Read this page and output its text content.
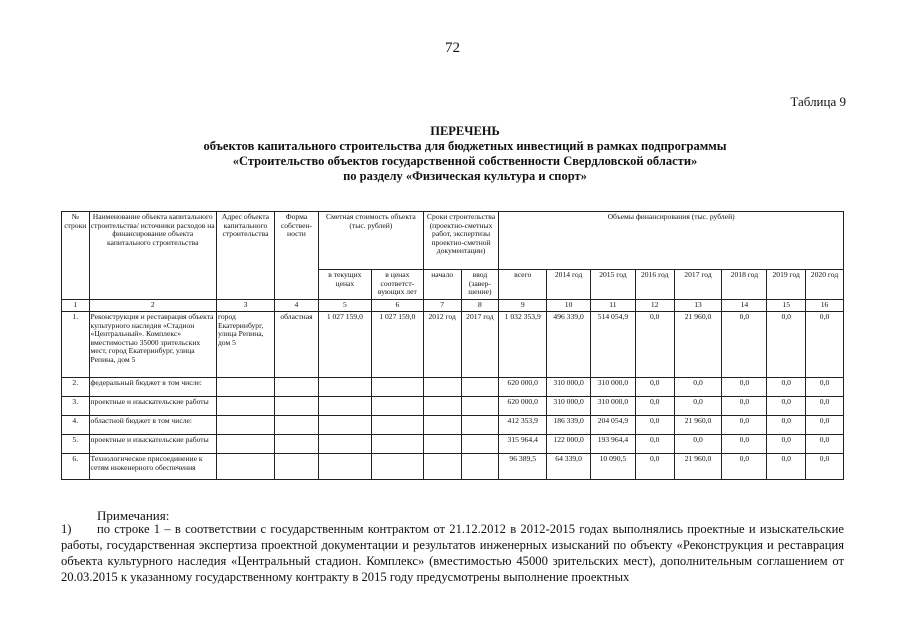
72
Таблица 9
ПЕРЕЧЕНЬ
объектов капитального строительства для бюджетных инвестиций в рамках подпрограммы
«Строительство объектов государственной собственности Свердловской области»
по разделу «Физическая культура и спорт»
№ строки	Наименование объекта капитального строительства/ источники расходов на финансирование объекта капитального строительства	Адрес объекта капитального строительства	Форма собствен-ности	Сметная стоимость объекта (тыс. рублей)		Сроки строительства (проектно-сметных работ, экспертизы проектно-сметной документации)		Объемы финансирования (тыс. рублей)							
				в текущих ценах	в ценах соответст-вующих лет	начало	ввод (завер-шение)	всего	2014 год	2015 год	2016 год	2017 год	2018 год	2019 год	2020 год
1	2	3	4	5	6	7	8	9	10	11	12	13	14	15	16
1.	Реконструкция и реставрация объекта культурного наследия «Стадион «Центральный». Комплекс» вместимостью 35000 зрительских мест, город Екатеринбург, улица Репина, дом 5	город Екатеринбург, улица Репина, дом 5	областная	1 027 159,0	1 027 159,0	2012 год	2017 год	1 032 353,9	496 339,0	514 054,9	0,0	21 960,0	0,0	0,0	0,0
2.	федеральный бюджет в том числе:							620 000,0	310 000,0	310 000,0	0,0	0,0	0,0	0,0	0,0
3.	проектные и изыскательские работы							620 000,0	310 000,0	310 000,0	0,0	0,0	0,0	0,0	0,0
4.	областной бюджет в том числе:							412 353,9	186 339,0	204 054,9	0,0	21 960,0	0,0	0,0	0,0
5.	проектные и изыскательские работы							315 964,4	122 000,0	193 964,4	0,0	0,0	0,0	0,0	0,0
6.	Технологическое присоединение к сетям инженерного обеспечения							96 389,5	64 339,0	10 090,5	0,0	21 960,0	0,0	0,0	0,0
Примечания:
1) по строке 1 – в соответствии с государственным контрактом от 21.12.2012 в 2012-2015 годах выполнялись проектные и изыскательские работы, государственная экспертиза проектной документации и результатов инженерных изысканий по объекту «Реконструкция и реставрация объекта культурного наследия «Центральный стадион. Комплекс» (вместимостью 45000 зрительских мест), дополнительным соглашением от 20.03.2015 к указанному государственному контракту в 2015 году предусмотрены выполнение проектных
